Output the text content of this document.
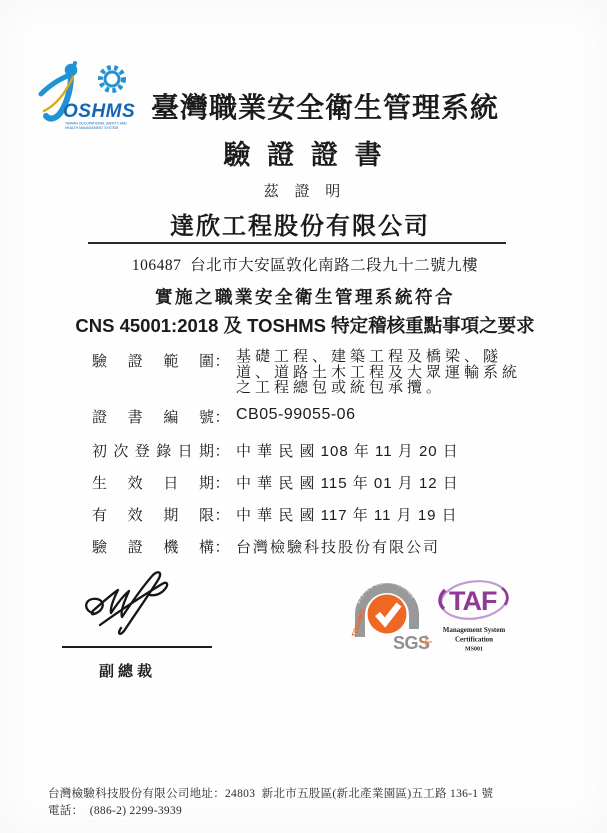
OSHMS
TAIWAN OCCUPATIONAL SAFETY AND
HEALTH MANAGEMENT SYSTEM
臺灣職業安全衛生管理系統
驗 證 證 書
茲 證 明
達欣工程股份有限公司
106487  台北市大安區敦化南路二段九十二號九樓
實施之職業安全衛生管理系統符合
CNS 45001:2018 及 TOSHMS 特定稽核重點事項之要求
驗 證 範 圍 ： 基礎工程、建築工程及橋梁、隧
道、道路土木工程及大眾運輸系統
之工程總包或統包承攬。
證 書 編 號 ： CB05-99055-06
初 次 登 錄 日 期 ： 中 華 民 國 108 年 11 月 20 日
生 效 日 期 ： 中 華 民 國 115 年 01 月 12 日
有 效 期 限 ： 中 華 民 國 117 年 11 月 19 日
驗 證 機 構 ： 台灣檢驗科技股份有限公司
副總裁
SYSTEM CERTIFICATION
TOSHMS
SGS
TAF
Management System
Certification
MS001
台灣檢驗科技股份有限公司地址：24803  新北市五股區(新北產業園區)五工路 136-1 號
電話：  (886-2) 2299-3939
